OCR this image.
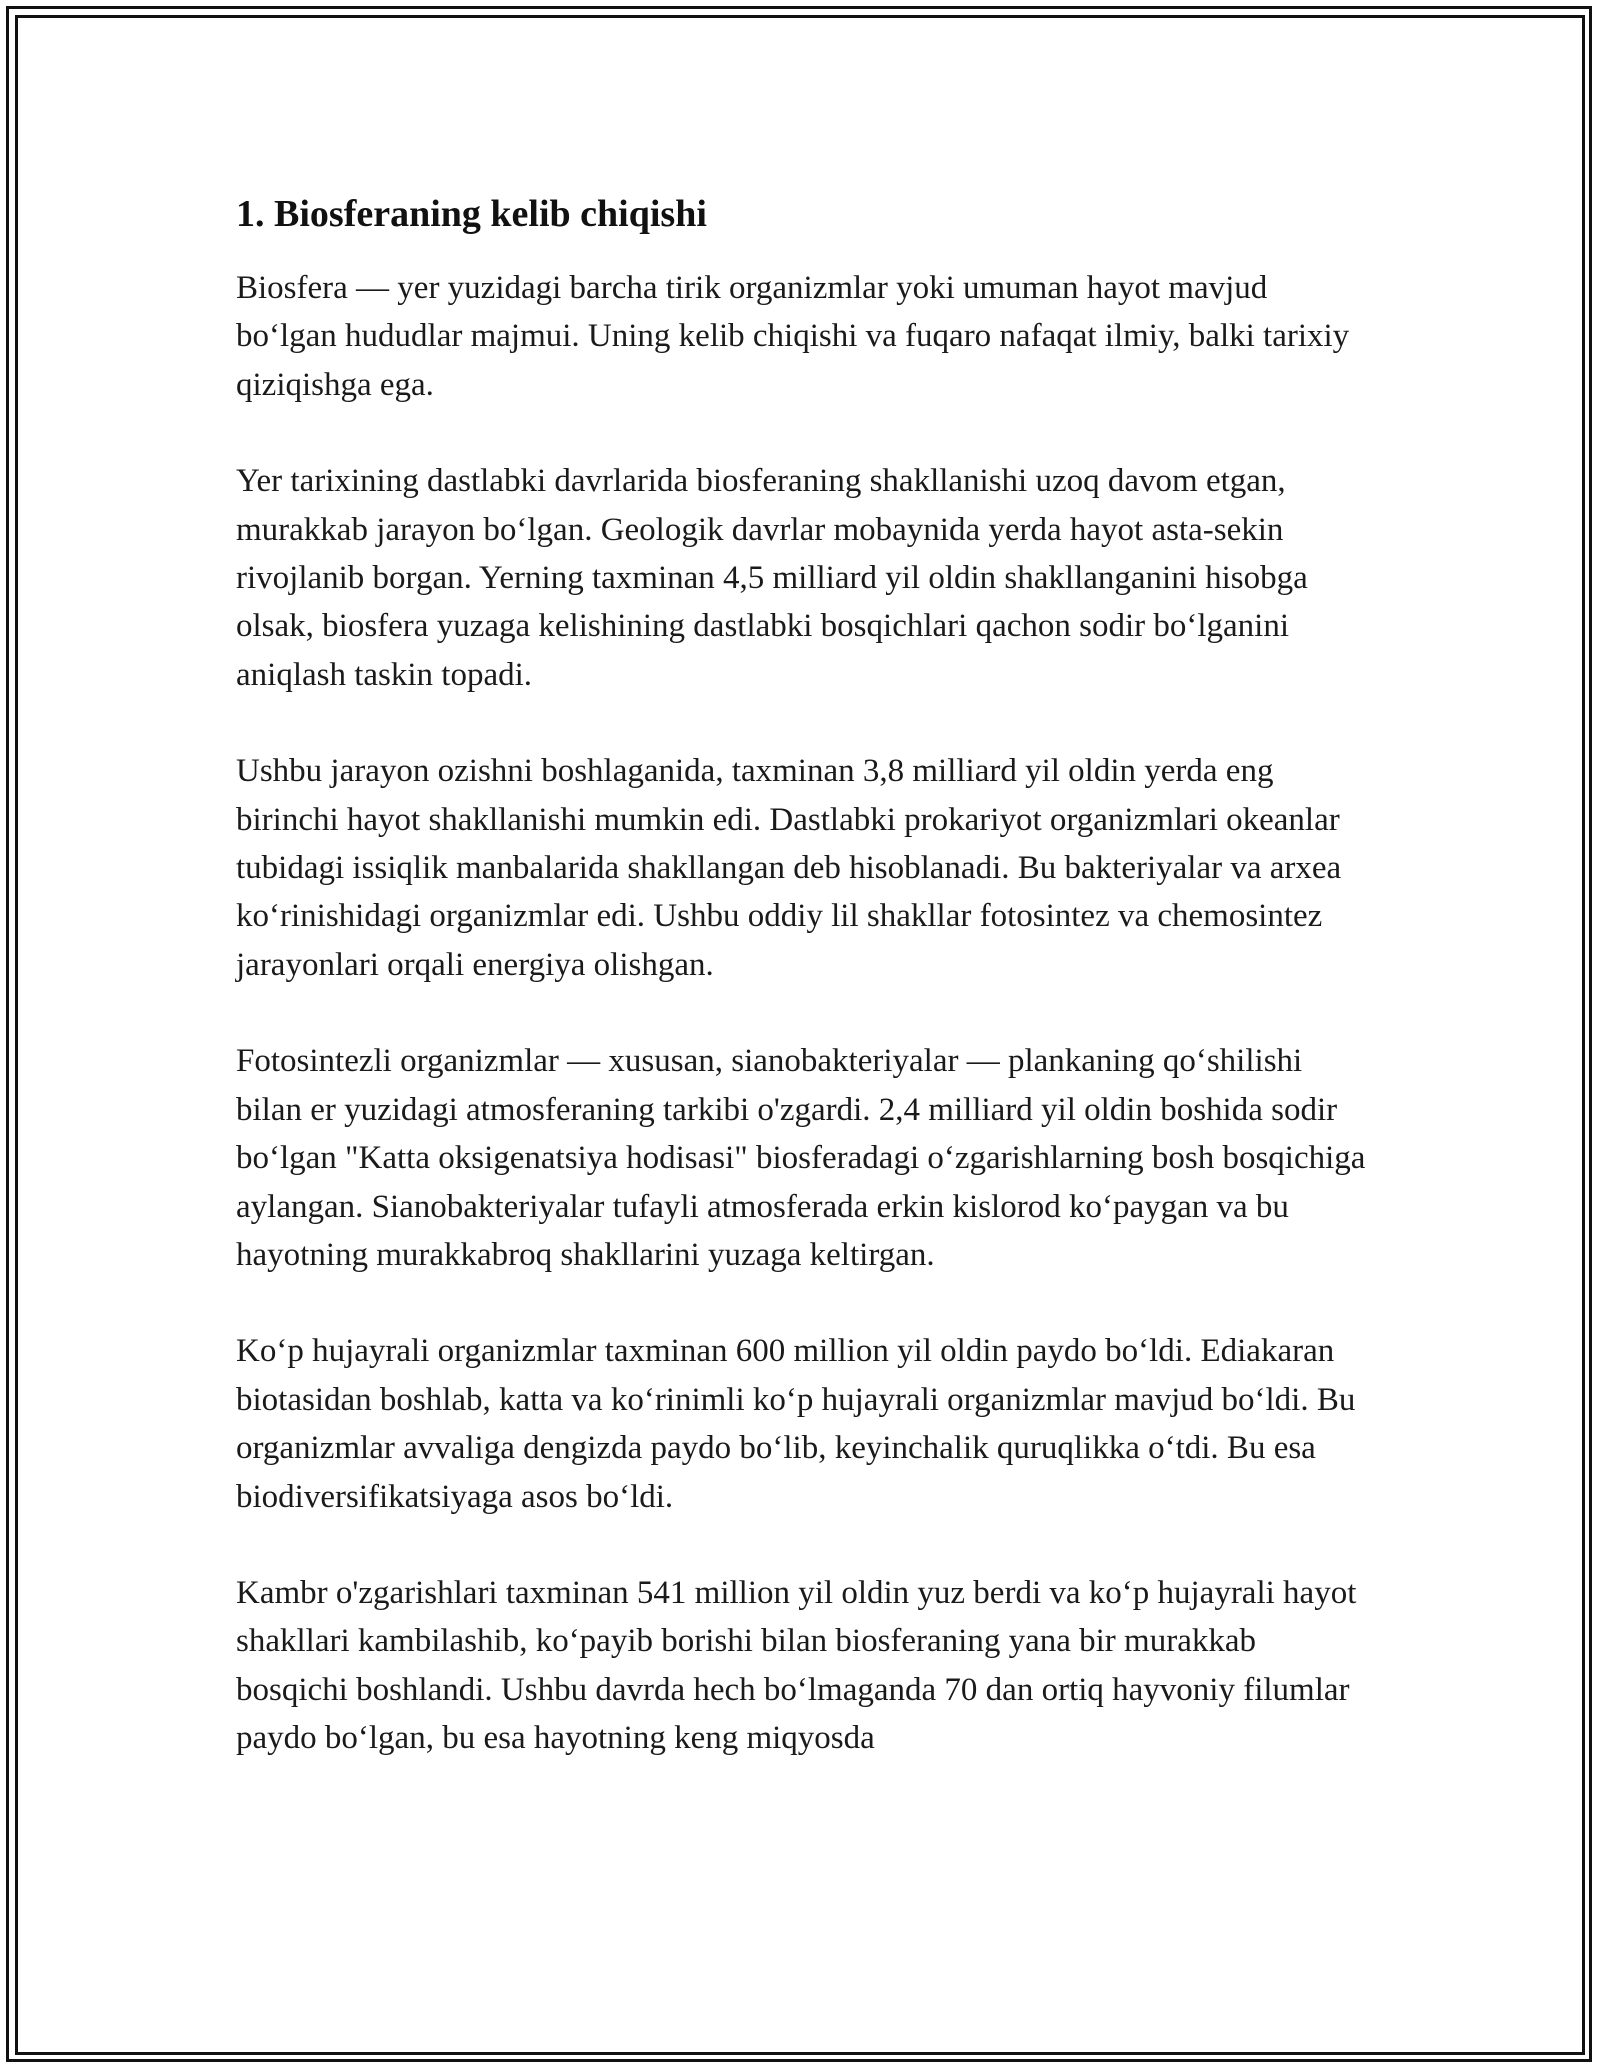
1. Biosferaning kelib chiqishi

Biosfera — yer yuzidagi barcha tirik organizmlar yoki umuman hayot mavjud bo‘lgan hududlar majmui. Uning kelib chiqishi va fuqaro nafaqat ilmiy, balki tarixiy qiziqishga ega.

Yer tarixining dastlabki davrlarida biosferaning shakllanishi uzoq davom etgan, murakkab jarayon bo‘lgan. Geologik davrlar mobaynida yerda hayot asta-sekin rivojlanib borgan. Yerning taxminan 4,5 milliard yil oldin shakllanganini hisobga olsak, biosfera yuzaga kelishining dastlabki bosqichlari qachon sodir bo‘lganini aniqlash taskin topadi.

Ushbu jarayon ozishni boshlaganida, taxminan 3,8 milliard yil oldin yerda eng birinchi hayot shakllanishi mumkin edi. Dastlabki prokariyot organizmlari okeanlar tubidagi issiqlik manbalarida shakllangan deb hisoblanadi. Bu bakteriyalar va arxea ko‘rinishidagi organizmlar edi. Ushbu oddiy lil shakllar fotosintez va chemosintez jarayonlari orqali energiya olishgan.

Fotosintezli organizmlar — xususan, sianobakteriyalar — plankaning qo‘shilishi bilan er yuzidagi atmosferaning tarkibi o'zgardi. 2,4 milliard yil oldin boshida sodir bo‘lgan "Katta oksigenatsiya hodisasi" biosferadagi o‘zgarishlarning bosh bosqichiga aylangan. Sianobakteriyalar tufayli atmosferada erkin kislorod ko‘paygan va bu hayotning murakkabroq shakllarini yuzaga keltirgan.

Ko‘p hujayrali organizmlar taxminan 600 million yil oldin paydo bo‘ldi. Ediakaran biotasidan boshlab, katta va ko‘rinimli ko‘p hujayrali organizmlar mavjud bo‘ldi. Bu organizmlar avvaliga dengizda paydo bo‘lib, keyinchalik quruqlikka o‘tdi. Bu esa biodiversifikatsiyaga asos bo‘ldi.

Kambr o'zgarishlari taxminan 541 million yil oldin yuz berdi va ko‘p hujayrali hayot shakllari kambilashib, ko‘payib borishi bilan biosferaning yana bir murakkab bosqichi boshlandi. Ushbu davrda hech bo‘lmaganda 70 dan ortiq hayvoniy filumlar paydo bo‘lgan, bu esa hayotning keng miqyosda
